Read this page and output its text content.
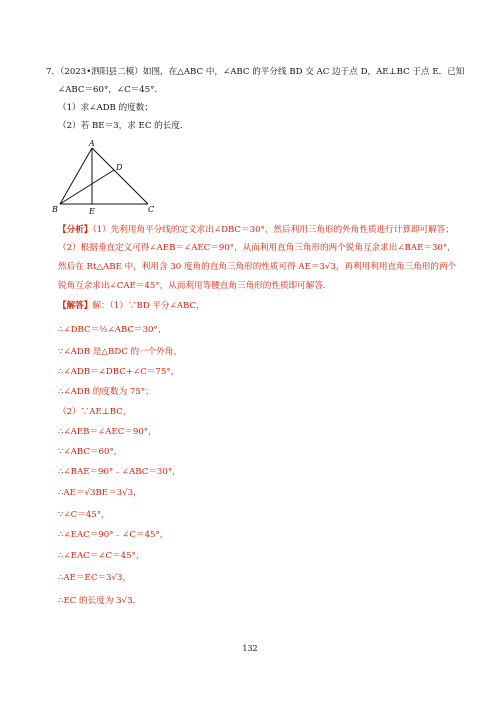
7．（2023•泗阳县二模）如图，在△ABC 中，∠ABC 的平分线 BD 交 AC 边于点 D，AE⊥BC 于点 E．已知
∠ABC＝60°，∠C＝45°．
（1）求∠ADB 的度数；
（2）若 BE＝3，求 EC 的长度．
A
B	C
D
E
【分析】（1）先利用角平分线的定义求出∠DBC＝30°，然后利用三角形的外角性质进行计算即可解答；
（2）根据垂直定义可得∠AEB＝∠AEC＝90°，从而利用直角三角形的两个锐角互余求出∠BAE＝30°，
然后在 Rt△ABE 中，利用含 30 度角的直角三角形的性质可得 AE＝3√3，再利用利用直角三角形的两个
锐角互余求出∠CAE＝45°，从而利用等腰直角三角形的性质即可解答．
【解答】解：（1）∵BD 平分∠ABC，
∴∠DBC＝½∠ABC＝30°，
∵∠ADB 是△BDC 的一个外角，
∴∠ADB＝∠DBC+∠C＝75°，
∴∠ADB 的度数为 75°；
（2）∵AE⊥BC，
∴∠AEB＝∠AEC＝90°，
∵∠ABC＝60°，
∴∠BAE＝90°﹣∠ABC＝30°，
∴AE＝√3BE＝3√3，
∵∠C＝45°，
∴∠EAC＝90°﹣∠C＝45°，
∴∠EAC＝∠C＝45°，
∴AE＝EC＝3√3，
∴EC 的长度为 3√3．
132
